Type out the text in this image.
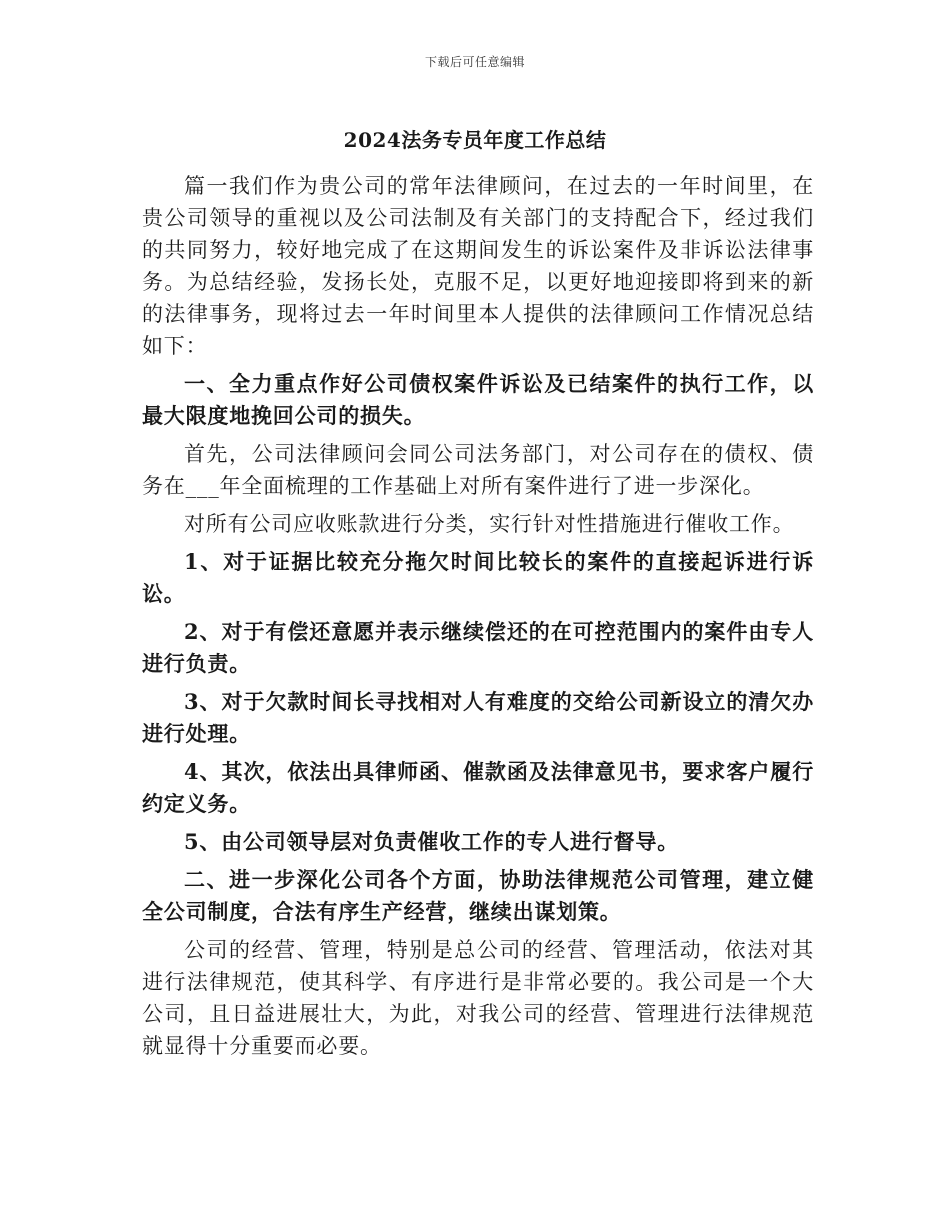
下载后可任意编辑
2024法务专员年度工作总结

篇一我们作为贵公司的常年法律顾问，在过去的一年时间里，在贵公司领导的重视以及公司法制及有关部门的支持配合下，经过我们的共同努力，较好地完成了在这期间发生的诉讼案件及非诉讼法律事务。为总结经验，发扬长处，克服不足，以更好地迎接即将到来的新的法律事务，现将过去一年时间里本人提供的法律顾问工作情况总结如下：

一、全力重点作好公司债权案件诉讼及已结案件的执行工作，以最大限度地挽回公司的损失。

首先，公司法律顾问会同公司法务部门，对公司存在的债权、债务在___年全面梳理的工作基础上对所有案件进行了进一步深化。

对所有公司应收账款进行分类，实行针对性措施进行催收工作。

1、对于证据比较充分拖欠时间比较长的案件的直接起诉进行诉讼。

2、对于有偿还意愿并表示继续偿还的在可控范围内的案件由专人进行负责。

3、对于欠款时间长寻找相对人有难度的交给公司新设立的清欠办进行处理。

4、其次，依法出具律师函、催款函及法律意见书，要求客户履行约定义务。

5、由公司领导层对负责催收工作的专人进行督导。

二、进一步深化公司各个方面，协助法律规范公司管理，建立健全公司制度，合法有序生产经营，继续出谋划策。

公司的经营、管理，特别是总公司的经营、管理活动，依法对其进行法律规范，使其科学、有序进行是非常必要的。我公司是一个大公司，且日益进展壮大，为此，对我公司的经营、管理进行法律规范就显得十分重要而必要。
